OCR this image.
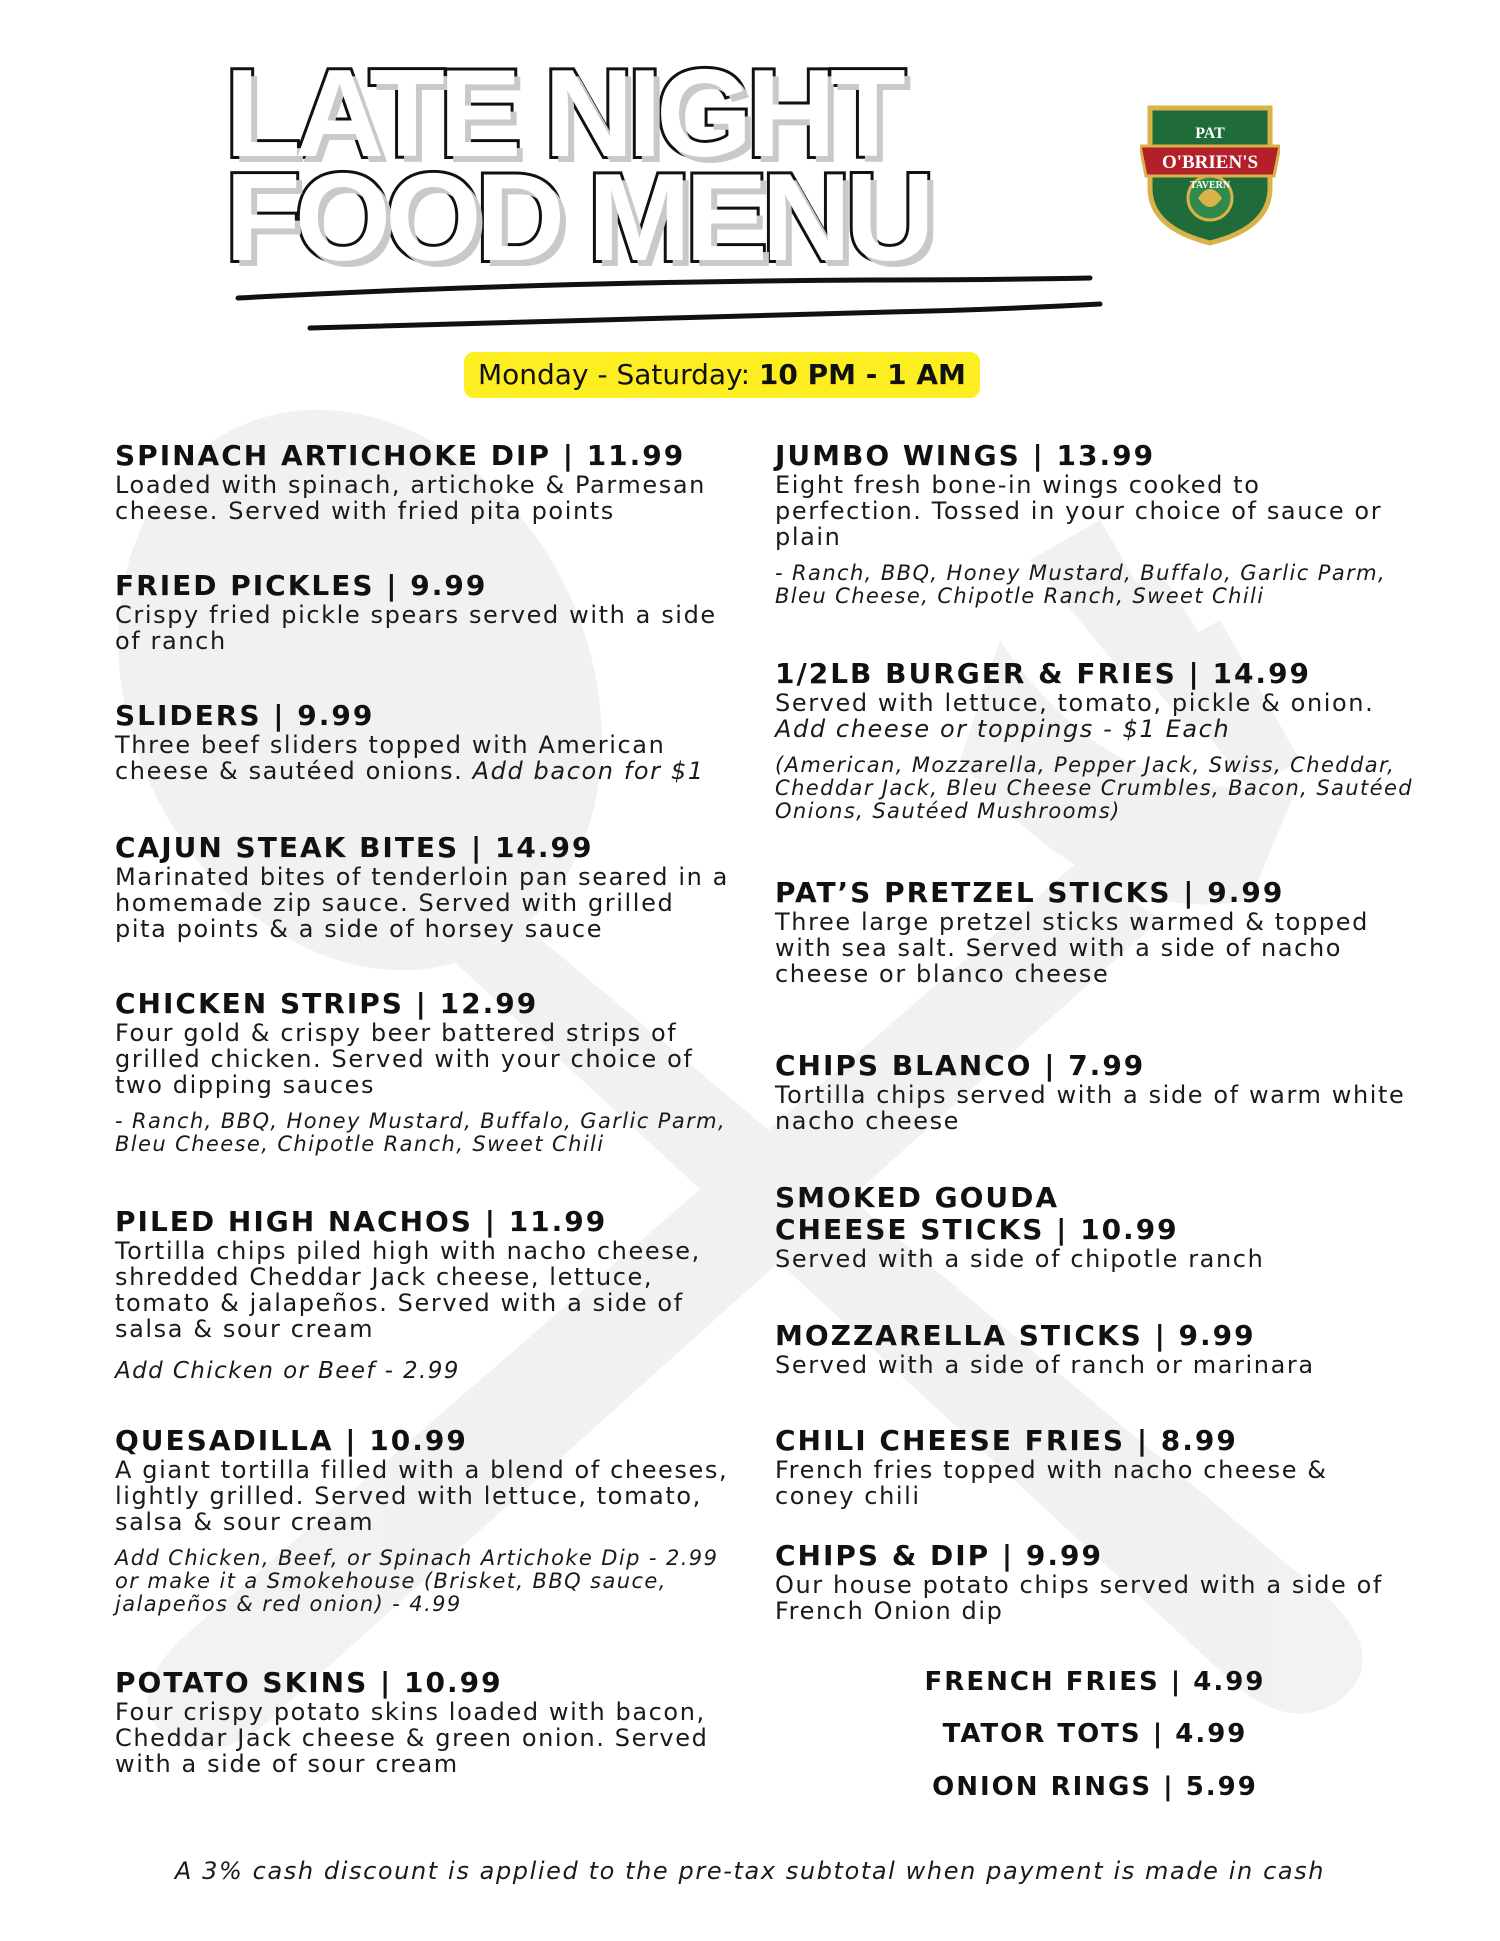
LATE NIGHT
FOOD MENU
PAT
O'BRIEN'S
TAVERN
Monday - Saturday: 10 PM - 1 AM
SPINACH ARTICHOKE DIP | 11.99
Loaded with spinach, artichoke & Parmesan cheese. Served with fried pita points
FRIED PICKLES | 9.99
Crispy fried pickle spears served with a side of ranch
SLIDERS | 9.99
Three beef sliders topped with American cheese & sautéed onions. Add bacon for $1
CAJUN STEAK BITES | 14.99
Marinated bites of tenderloin pan seared in a homemade zip sauce. Served with grilled pita points & a side of horsey sauce
CHICKEN STRIPS | 12.99
Four gold & crispy beer battered strips of grilled chicken. Served with your choice of two dipping sauces
- Ranch, BBQ, Honey Mustard, Buffalo, Garlic Parm, Bleu Cheese, Chipotle Ranch, Sweet Chili
PILED HIGH NACHOS | 11.99
Tortilla chips piled high with nacho cheese, shredded Cheddar Jack cheese, lettuce, tomato & jalapeños. Served with a side of salsa & sour cream
Add Chicken or Beef - 2.99
QUESADILLA | 10.99
A giant tortilla filled with a blend of cheeses, lightly grilled. Served with lettuce, tomato, salsa & sour cream
Add Chicken, Beef, or Spinach Artichoke Dip - 2.99 or make it a Smokehouse (Brisket, BBQ sauce, jalapeños & red onion) - 4.99
POTATO SKINS | 10.99
Four crispy potato skins loaded with bacon, Cheddar Jack cheese & green onion. Served with a side of sour cream
JUMBO WINGS | 13.99
Eight fresh bone-in wings cooked to perfection. Tossed in your choice of sauce or plain
- Ranch, BBQ, Honey Mustard, Buffalo, Garlic Parm, Bleu Cheese, Chipotle Ranch, Sweet Chili
1/2LB BURGER & FRIES | 14.99
Served with lettuce, tomato, pickle & onion. Add cheese or toppings - $1 Each
(American, Mozzarella, Pepper Jack, Swiss, Cheddar, Cheddar Jack, Bleu Cheese Crumbles, Bacon, Sautéed Onions, Sautéed Mushrooms)
PAT’S PRETZEL STICKS | 9.99
Three large pretzel sticks warmed & topped with sea salt. Served with a side of nacho cheese or blanco cheese
CHIPS BLANCO | 7.99
Tortilla chips served with a side of warm white nacho cheese
SMOKED GOUDA
CHEESE STICKS | 10.99
Served with a side of chipotle ranch
MOZZARELLA STICKS | 9.99
Served with a side of ranch or marinara
CHILI CHEESE FRIES | 8.99
French fries topped with nacho cheese & coney chili
CHIPS & DIP | 9.99
Our house potato chips served with a side of French Onion dip
FRENCH FRIES | 4.99
TATOR TOTS | 4.99
ONION RINGS | 5.99
A 3% cash discount is applied to the pre-tax subtotal when payment is made in cash
